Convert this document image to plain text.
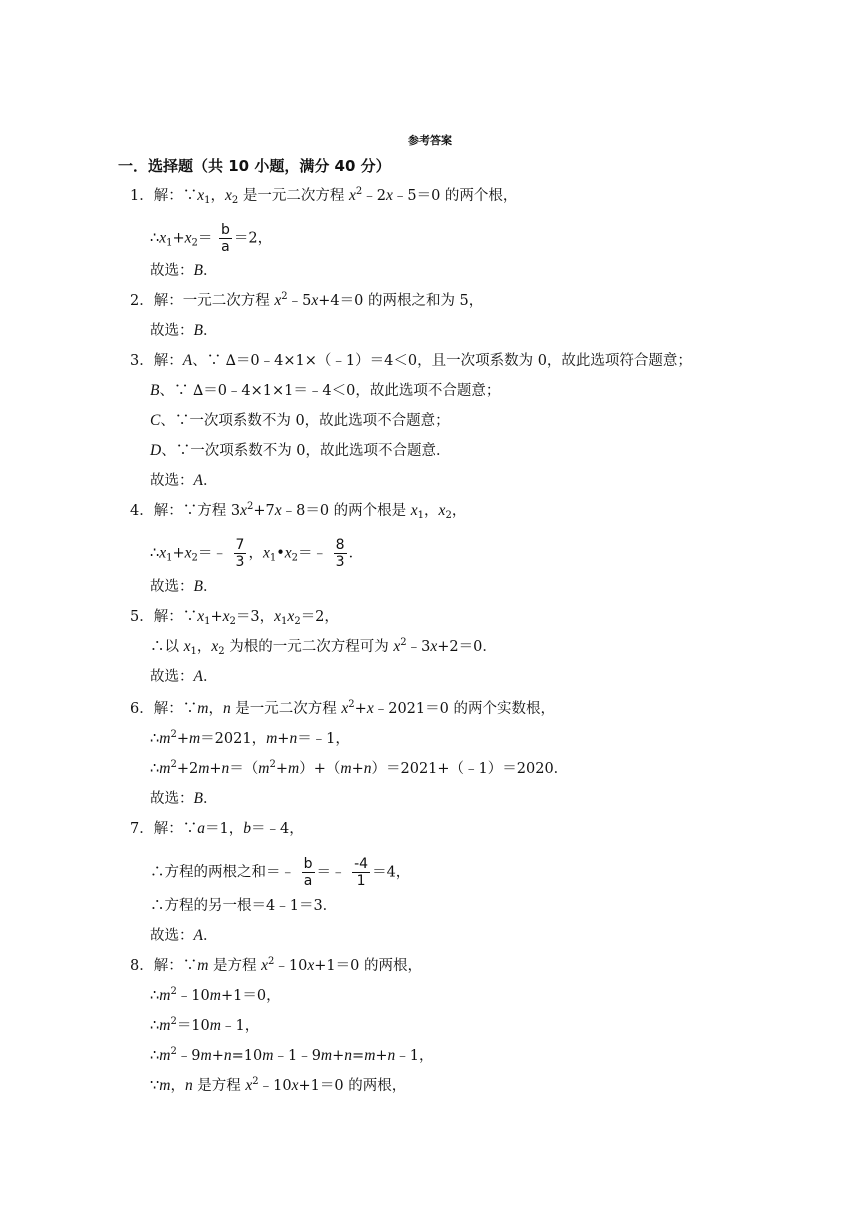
参考答案
一．选择题（共 10 小题，满分 40 分）
1．解：$\because x_1$，$x_2$ 是一元二次方程 $x^2﹣2x﹣5=0$ 的两个根，
$\therefore x_1+x_2= \frac{b}{a} =2$，
故选：B．
2．解：一元二次方程 $x^2﹣5x+4=0$ 的两根之和为 5，
故选：B．
3．解：A、∵ ∆＝0﹣4×1×（﹣1）＝4＜0，且一次项系数为 0，故此选项符合题意；
B、∵ ∆＝0﹣4×1×1＝﹣4＜0，故此选项不合题意；
C、∵一次项系数不为 0，故此选项不合题意；
D、∵一次项系数不为 0，故此选项不合题意．
故选：A．
4．解：∵方程 $3x^2+7x﹣8=0$ 的两个根是 $x_1$，$x_2$，
$\therefore x_1+x_2=﹣ \frac{7}{3}$ ，$x_1•x_2=﹣ \frac{8}{3}$ ．
故选：B．
5．解：$\because x_1+x_2=3$，$x_1x_2=2$，
∴以 $x_1$，$x_2$ 为根的一元二次方程可为 $x^2﹣3x+2=0$．
故选：A．
6．解：∵m，n 是一元二次方程 $x^2+x﹣2021=0$ 的两个实数根，
$\therefore m^2+m=2021$，m+n＝﹣1，
$\therefore m^2+2m+n=(m^2+m)+(m+n)=2021+(﹣1)=2020$．
故选：B．
7．解：∵a＝1，b＝﹣4，
∴方程的两根之和＝﹣ $\frac{b}{a}$ ＝﹣ $\frac{-4}{1} =4$，
∴方程的另一根＝4﹣1＝3．
故选：A．
8．解：∵m 是方程 $x^2﹣10x+1=0$ 的两根，
$\therefore m^2﹣10m+1=0$，
$\therefore m^2=10m﹣1$，
$\therefore m^2﹣9m+n=10m﹣1﹣9m+n=m+n﹣1$，
∵m，n 是方程 $x^2﹣10x+1=0$ 的两根，
